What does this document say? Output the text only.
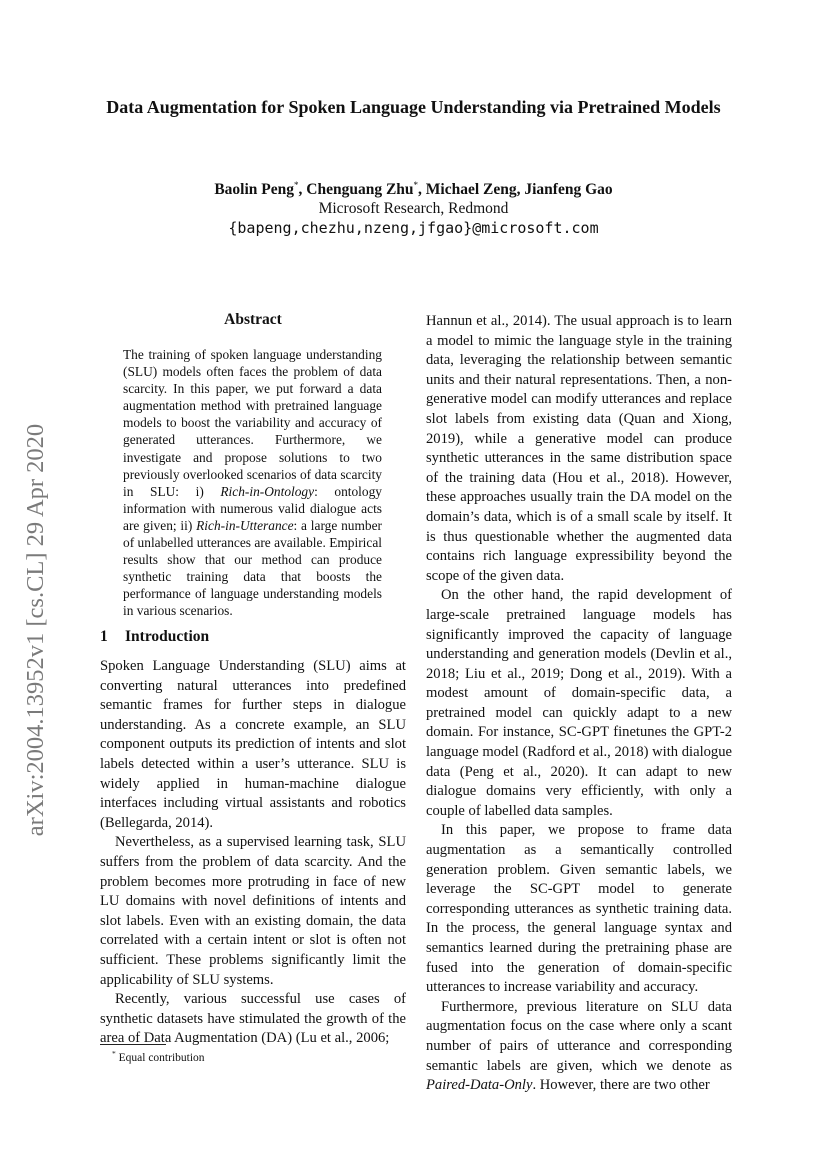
arXiv:2004.13952v1 [cs.CL] 29 Apr 2020
Data Augmentation for Spoken Language Understanding via Pretrained Models
Baolin Peng*, Chenguang Zhu*, Michael Zeng, Jianfeng Gao
Microsoft Research, Redmond
{bapeng,chezhu,nzeng,jfgao}@microsoft.com
Abstract
The training of spoken language understanding (SLU) models often faces the problem of data scarcity. In this paper, we put forward a data augmentation method with pretrained language models to boost the variability and accuracy of generated utterances. Furthermore, we investigate and propose solutions to two previously overlooked scenarios of data scarcity in SLU: i) Rich-in-Ontology: ontology information with numerous valid dialogue acts are given; ii) Rich-in-Utterance: a large number of unlabelled utterances are available. Empirical results show that our method can produce synthetic training data that boosts the performance of language understanding models in various scenarios.
1 Introduction

Spoken Language Understanding (SLU) aims at converting natural utterances into predefined semantic frames for further steps in dialogue understanding. As a concrete example, an SLU component outputs its prediction of intents and slot labels detected within a user’s utterance. SLU is widely applied in human-machine dialogue interfaces including virtual assistants and robotics (Bellegarda, 2014).

Nevertheless, as a supervised learning task, SLU suffers from the problem of data scarcity. And the problem becomes more protruding in face of new LU domains with novel definitions of intents and slot labels. Even with an existing domain, the data correlated with a certain intent or slot is often not sufficient. These problems significantly limit the applicability of SLU systems.

Recently, various successful use cases of synthetic datasets have stimulated the growth of the area of Data Augmentation (DA) (Lu et al., 2006;

Hannun et al., 2014). The usual approach is to learn a model to mimic the language style in the training data, leveraging the relationship between semantic units and their natural representations. Then, a non-generative model can modify utterances and replace slot labels from existing data (Quan and Xiong, 2019), while a generative model can produce synthetic utterances in the same distribution space of the training data (Hou et al., 2018). However, these approaches usually train the DA model on the domain’s data, which is of a small scale by itself. It is thus questionable whether the augmented data contains rich language expressibility beyond the scope of the given data.

On the other hand, the rapid development of large-scale pretrained language models has significantly improved the capacity of language understanding and generation models (Devlin et al., 2018; Liu et al., 2019; Dong et al., 2019). With a modest amount of domain-specific data, a pretrained model can quickly adapt to a new domain. For instance, SC-GPT finetunes the GPT-2 language model (Radford et al., 2018) with dialogue data (Peng et al., 2020). It can adapt to new dialogue domains very efficiently, with only a couple of labelled data samples.

In this paper, we propose to frame data augmentation as a semantically controlled generation problem. Given semantic labels, we leverage the SC-GPT model to generate corresponding utterances as synthetic training data. In the process, the general language syntax and semantics learned during the pretraining phase are fused into the generation of domain-specific utterances to increase variability and accuracy.

Furthermore, previous literature on SLU data augmentation focus on the case where only a scant number of pairs of utterance and corresponding semantic labels are given, which we denote as Paired-Data-Only. However, there are two other

* Equal contribution
